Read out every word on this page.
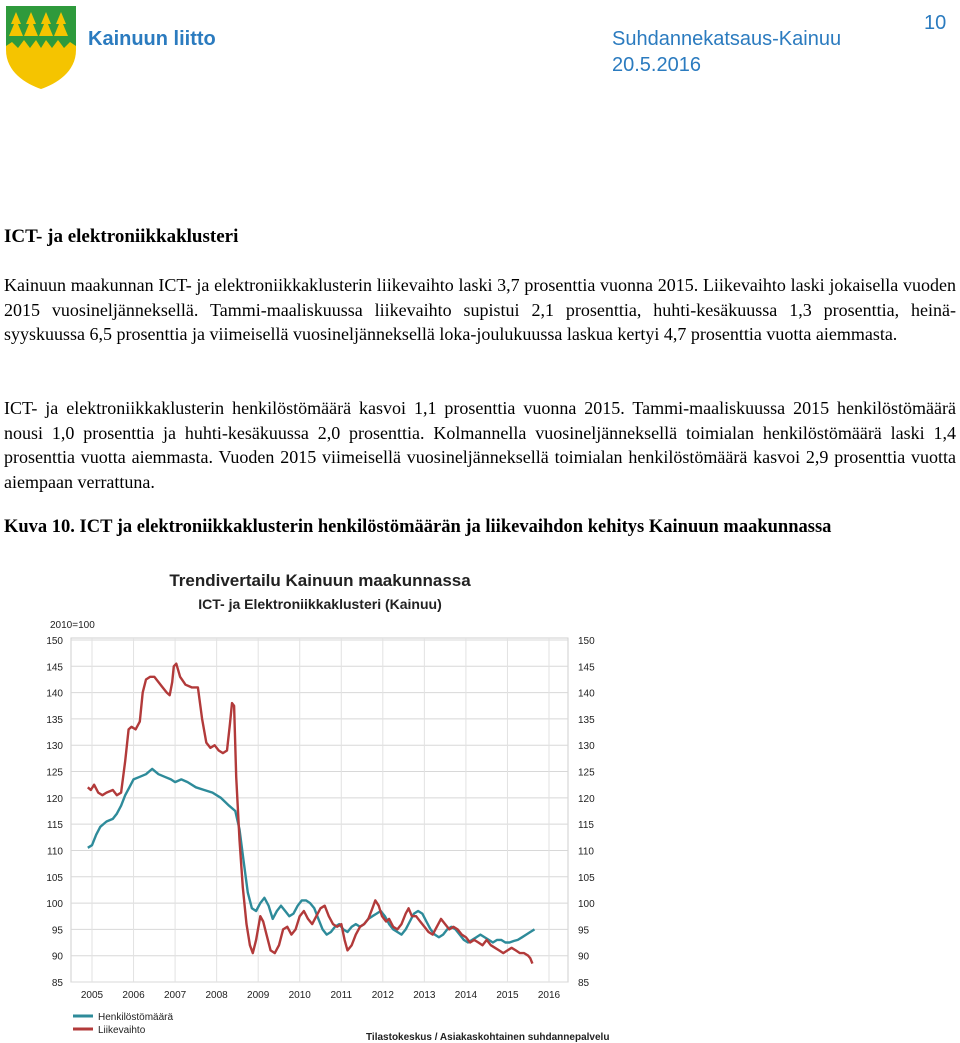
Kainuun liitto	Suhdannekatsaus-Kainuu
20.5.2016
10
ICT- ja elektroniikkaklusteri

Kainuun maakunnan ICT- ja elektroniikkaklusterin liikevaihto laski 3,7 prosenttia vuonna 2015. Liikevaihto laski jokaisella vuoden 2015 vuosineljänneksellä. Tammi-maaliskuussa liikevaihto supistui 2,1 prosenttia, huhti-kesäkuussa 1,3 prosenttia, heinä-syyskuussa 6,5 prosenttia ja viimeisellä vuosineljänneksellä loka-joulukuussa laskua kertyi 4,7 prosenttia vuotta aiemmasta.

ICT- ja elektroniikkaklusterin henkilöstömäärä kasvoi 1,1 prosenttia vuonna 2015. Tammi-maaliskuussa 2015 henkilöstömäärä nousi 1,0 prosenttia ja huhti-kesäkuussa 2,0 prosenttia. Kolmannella vuosineljänneksellä toimialan henkilöstömäärä laski 1,4 prosenttia vuotta aiemmasta. Vuoden 2015 viimeisellä vuosineljänneksellä toimialan henkilöstömäärä kasvoi 2,9 prosenttia vuotta aiempaan verrattuna.

Kuva 10. ICT ja elektroniikkaklusterin henkilöstömäärän ja liikevaihdon kehitys Kainuun maakunnassa
Trendivertailu Kainuun maakunnassa
ICT- ja Elektroniikkaklusteri (Kainuu)
2010=100
150
145
140
135
130
125
120
115
110
105
100
95
90
85
150
145
140
135
130
125
120
115
110
105
100
95
90
85
2005 2006 2007 2008 2009 2010 2011 2012 2013 2014 2015 2016
Henkilöstömäärä
Liikevaihto
Tilastokeskus / Asiakaskohtainen suhdannepalvelu
